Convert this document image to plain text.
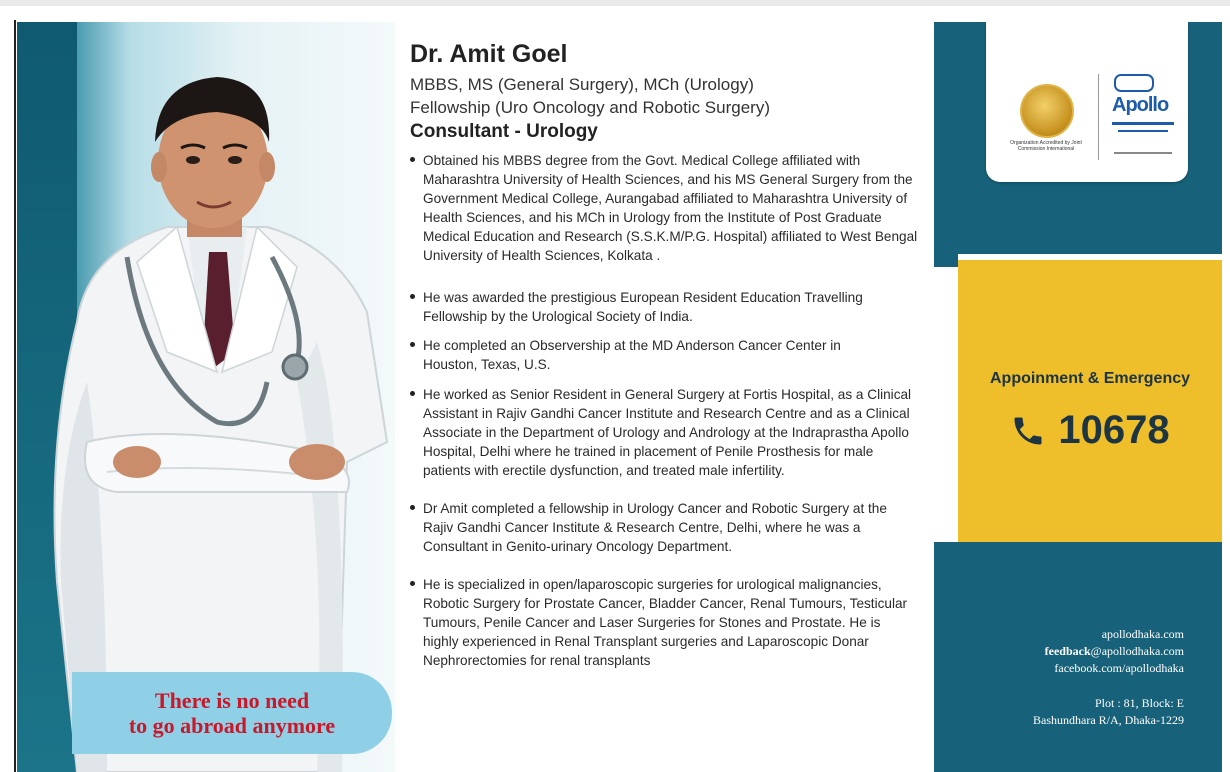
There is no need
to go abroad anymore
Dr. Amit Goel

MBBS, MS (General Surgery), MCh (Urology)

Fellowship (Uro Oncology and Robotic Surgery)

Consultant - Urology

Obtained his MBBS degree from the Govt. Medical College affiliated with Maharashtra University of Health Sciences, and his MS General Surgery from the Government Medical College, Aurangabad affiliated to Maharashtra University of Health Sciences, and his MCh in Urology from the Institute of Post Graduate Medical Education and Research (S.S.K.M/P.G. Hospital) affiliated to West Bengal University of Health Sciences, Kolkata .

He was awarded the prestigious European Resident Education Travelling Fellowship by the Urological Society of India.

He completed an Observership at the MD Anderson Cancer Center in Houston, Texas, U.S.

He worked as Senior Resident in General Surgery at Fortis Hospital, as a Clinical Assistant in Rajiv Gandhi Cancer Institute and Research Centre and as a Clinical Associate in the Department of Urology and Andrology at the Indraprastha Apollo Hospital, Delhi where he trained in placement of Penile Prosthesis for male patients with erectile dysfunction, and treated male infertility.

Dr Amit completed a fellowship in Urology Cancer and Robotic Surgery at the Rajiv Gandhi Cancer Institute & Research Centre, Delhi, where he was a Consultant in Genito-urinary Oncology Department.

He is specialized in open/laparoscopic surgeries for urological malignancies, Robotic Surgery for Prostate Cancer, Bladder Cancer, Renal Tumours, Testicular Tumours, Penile Cancer and Laser Surgeries for Stones and Prostate. He is highly experienced in Renal Transplant surgeries and Laparoscopic Donar Nephrorectomies for renal transplants

Organization Accredited by Joint Commission International
Apollo
Appoinment & Emergency
10678
apollodhaka.com
feedback@apollodhaka.com
facebook.com/apollodhaka
Plot : 81, Block: E
Bashundhara R/A, Dhaka-1229
